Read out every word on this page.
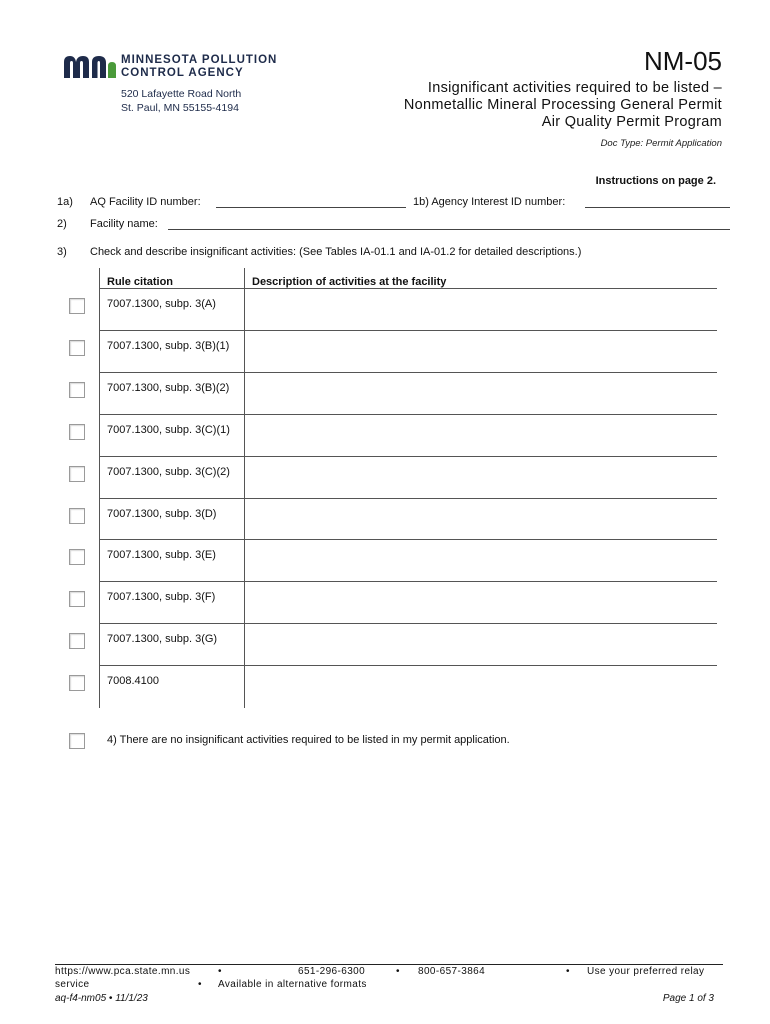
MINNESOTA POLLUTION
CONTROL AGENCY
520 Lafayette Road North
St. Paul, MN 55155-4194
NM-05
Insignificant activities required to be listed –
Nonmetallic Mineral Processing General Permit
Air Quality Permit Program
Doc Type: Permit Application
Instructions on page 2.
1a) AQ Facility ID number:	1b) Agency Interest ID number:
2) Facility name:
3) Check and describe insignificant activities: (See Tables IA-01.1 and IA-01.2 for detailed descriptions.)
Rule citation	Description of activities at the facility
7007.1300, subp. 3(A)
7007.1300, subp. 3(B)(1)
7007.1300, subp. 3(B)(2)
7007.1300, subp. 3(C)(1)
7007.1300, subp. 3(C)(2)
7007.1300, subp. 3(D)
7007.1300, subp. 3(E)
7007.1300, subp. 3(F)
7007.1300, subp. 3(G)
7008.4100
4) There are no insignificant activities required to be listed in my permit application.
https://www.pca.state.mn.us	•	651-296-6300	• 800-657-3864	• Use your preferred relay
service	• Available in alternative formats
aq-f4-nm05 • 11/1/23	Page 1 of 3
